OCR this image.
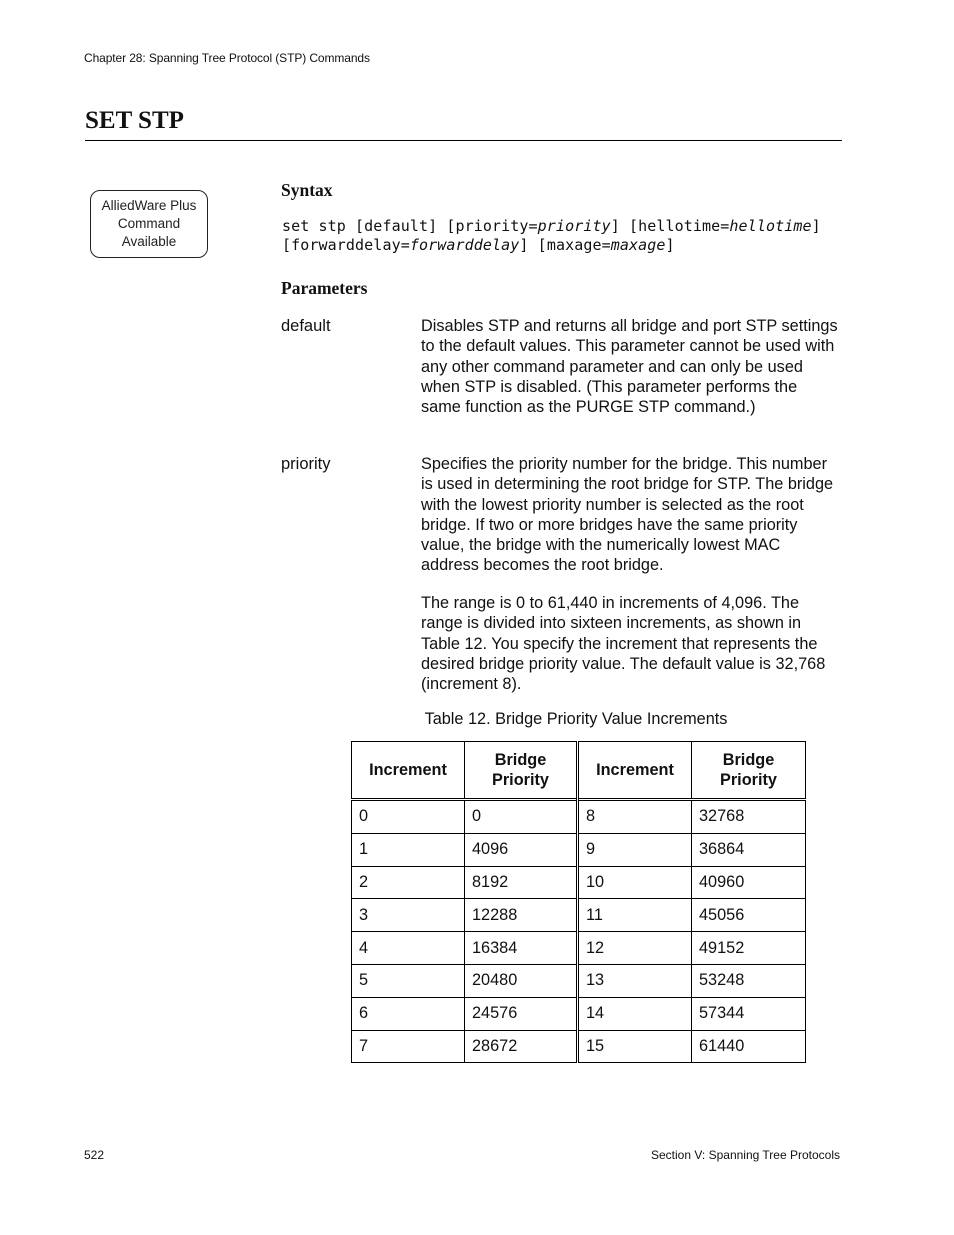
Chapter 28: Spanning Tree Protocol (STP) Commands
SET STP
AlliedWare Plus
Command
Available
Syntax
set stp [default] [priority=priority] [hellotime=hellotime]
[forwarddelay=forwarddelay] [maxage=maxage]
Parameters
default	Disables STP and returns all bridge and port STP settings to the default values. This parameter cannot be used with any other command parameter and can only be used when STP is disabled. (This parameter performs the same function as the PURGE STP command.)
priority	Specifies the priority number for the bridge. This number is used in determining the root bridge for STP. The bridge with the lowest priority number is selected as the root bridge. If two or more bridges have the same priority value, the bridge with the numerically lowest MAC address becomes the root bridge.
The range is 0 to 61,440 in increments of 4,096. The range is divided into sixteen increments, as shown in Table 12. You specify the increment that represents the desired bridge priority value. The default value is 32,768 (increment 8).
Table 12. Bridge Priority Value Increments
Increment	Bridge Priority	Increment	Bridge Priority
0	0	8	32768
1	4096	9	36864
2	8192	10	40960
3	12288	11	45056
4	16384	12	49152
5	20480	13	53248
6	24576	14	57344
7	28672	15	61440
522	Section V: Spanning Tree Protocols
